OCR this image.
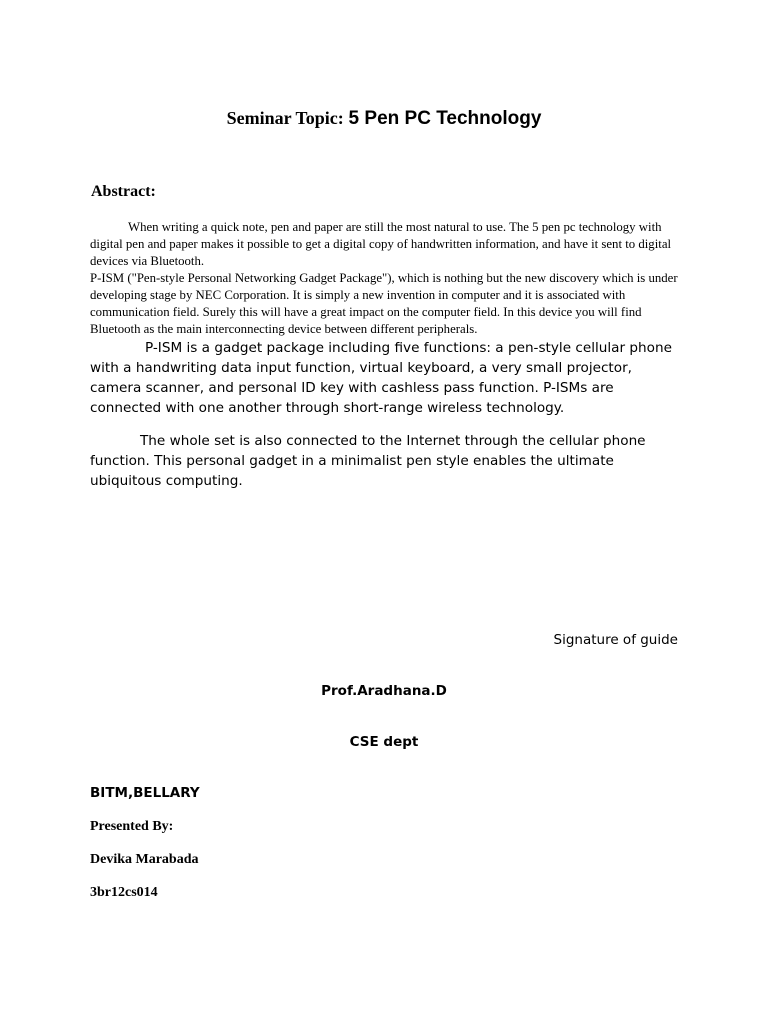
Seminar Topic: 5 Pen PC Technology
Abstract:

When writing a quick note, pen and paper are still the most natural to use. The 5 pen pc technology with digital pen and paper makes it possible to get a digital copy of handwritten information, and have it sent to digital devices via Bluetooth.

P-ISM ("Pen-style Personal Networking Gadget Package"), which is nothing but the new discovery which is under developing stage by NEC Corporation. It is simply a new invention in computer and it is associated with communication field. Surely this will have a great impact on the computer field. In this device you will find Bluetooth as the main interconnecting device between different peripherals.

P-ISM is a gadget package including five functions: a pen-style cellular phone with a handwriting data input function, virtual keyboard, a very small projector, camera scanner, and personal ID key with cashless pass function. P-ISMs are connected with one another through short-range wireless technology.

The whole set is also connected to the Internet through the cellular phone function. This personal gadget in a minimalist pen style enables the ultimate ubiquitous computing.

Signature of guide
Prof.Aradhana.D
CSE dept
BITM,BELLARY
Presented By:
Devika Marabada
3br12cs014
